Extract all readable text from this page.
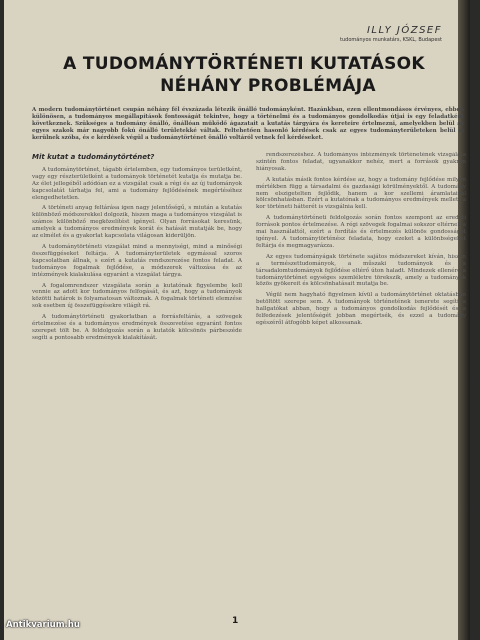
ILLY JÓZSEF
tudományos munkatárs, KSKL, Budapest
A TUDOMÁNYTÖRTÉNETI KUTATÁSOK
NÉHÁNY PROBLÉMÁJA

A modern tudománytörténet csupán néhány fél évszázada létezik önálló tudományként. Hazánkban, ezen ellentmondásos érvényes, ebben különösen, a tudományos megállapítások fontosságát tekintve, hogy a történelmi és a tudományos gondolkodás útjai is egy feladatként következnek. Szükséges a tudomány önálló, önállóan működő ágazatait a kutatás tárgyára és kereteire értelmezni, amelyekben belül az egyes szakok már nagyobb fokú önálló területekké váltak. Feltehetően hasonló kérdések csak az egyes tudományterületeken belül is kerülnek szóba, és e kérdések végül a tudománytörténet önálló voltáról vetnek fel kérdéseket.

Mit kutat a tudománytörténet?

A tudománytörténet, tágabb értelemben, egy tudományos területként, vagy egy részterületként a tudományok történetét kutatja és mutatja be. Az élet jellegéből adódóan ez a vizsgálat csak a régi és az új tudományok kapcsolatát tárhatja fel, ami a tudomány fejlődésének megértéséhez elengedhetetlen.

A történeti anyag feltárása igen nagy jelentőségű, s miután a kutatás különböző módszerekkel dolgozik, hiszen maga a tudományos vizsgálat is számos különböző megközelítést igényel. Olyan forrásokat keresünk, amelyek a tudományos eredmények korát és hatását mutatják be, hogy az elmélet és a gyakorlat kapcsolata világosan kiderüljön.

A tudománytörténeti vizsgálat mind a mennyiségi, mind a minőségi összefüggéseket feltárja. A tudományterületek egymással szoros kapcsolatban állnak, s ezért a kutatás rendszerezése fontos feladat. A tudományos fogalmak fejlődése, a módszerek változása és az intézmények kialakulása egyaránt a vizsgálat tárgya.

A fogalomrendszer vizsgálata során a kutatónak figyelembe kell vennie az adott kor tudományos felfogását, és azt, hogy a tudományok közötti határok is folyamatosan változnak. A fogalmak történeti elemzése sok esetben új összefüggésekre világít rá.

A tudománytörténeti gyakorlatban a forrásfeltárás, a szövegek értelmezése és a tudományos eredmények összevetése egyaránt fontos szerepet tölt be. A feldolgozás során a kutatók kölcsönös párbeszéde segíti a pontosabb eredmények kialakítását.

rendszerezéshez. A tudományos intézmények történetének vizsgálata szintén fontos feladat, ugyanakkor nehéz, mert a források gyakran hiányosak.

A kutatás másik fontos kérdése az, hogy a tudomány fejlődése milyen mértékben függ a társadalmi és gazdasági körülményektől. A tudomány nem elszigetelten fejlődik, hanem a kor szellemi áramlataival kölcsönhatásban. Ezért a kutatónak a tudományos eredmények mellett a kor történeti hátterét is vizsgálnia kell.

A tudománytörténeti feldolgozás során fontos szempont az eredeti források pontos értelmezése. A régi szövegek fogalmai sokszor eltérnek a mai használattól, ezért a fordítás és értelmezés különös gondosságot igényel. A tudománytörténész feladata, hogy ezeket a különbségeket feltárja és megmagyarázza.

Az egyes tudományágak története sajátos módszereket kíván, hiszen a természettudományok, a műszaki tudományok és a társadalomtudományok fejlődése eltérő úton haladt. Mindezek ellenére a tudománytörténet egységes szemléletre törekszik, amely a tudományok közös gyökereit és kölcsönhatásait mutatja be.

Végül nem hagyható figyelmen kívül a tudománytörténet oktatásban betöltött szerepe sem. A tudományok történetének ismerete segíti a hallgatókat abban, hogy a tudományos gondolkodás fejlődését és a felfedezések jelentőségét jobban megértsék, és ezzel a tudomány egészéről átfogóbb képet alkossanak.

1
Antikvarium.hu
